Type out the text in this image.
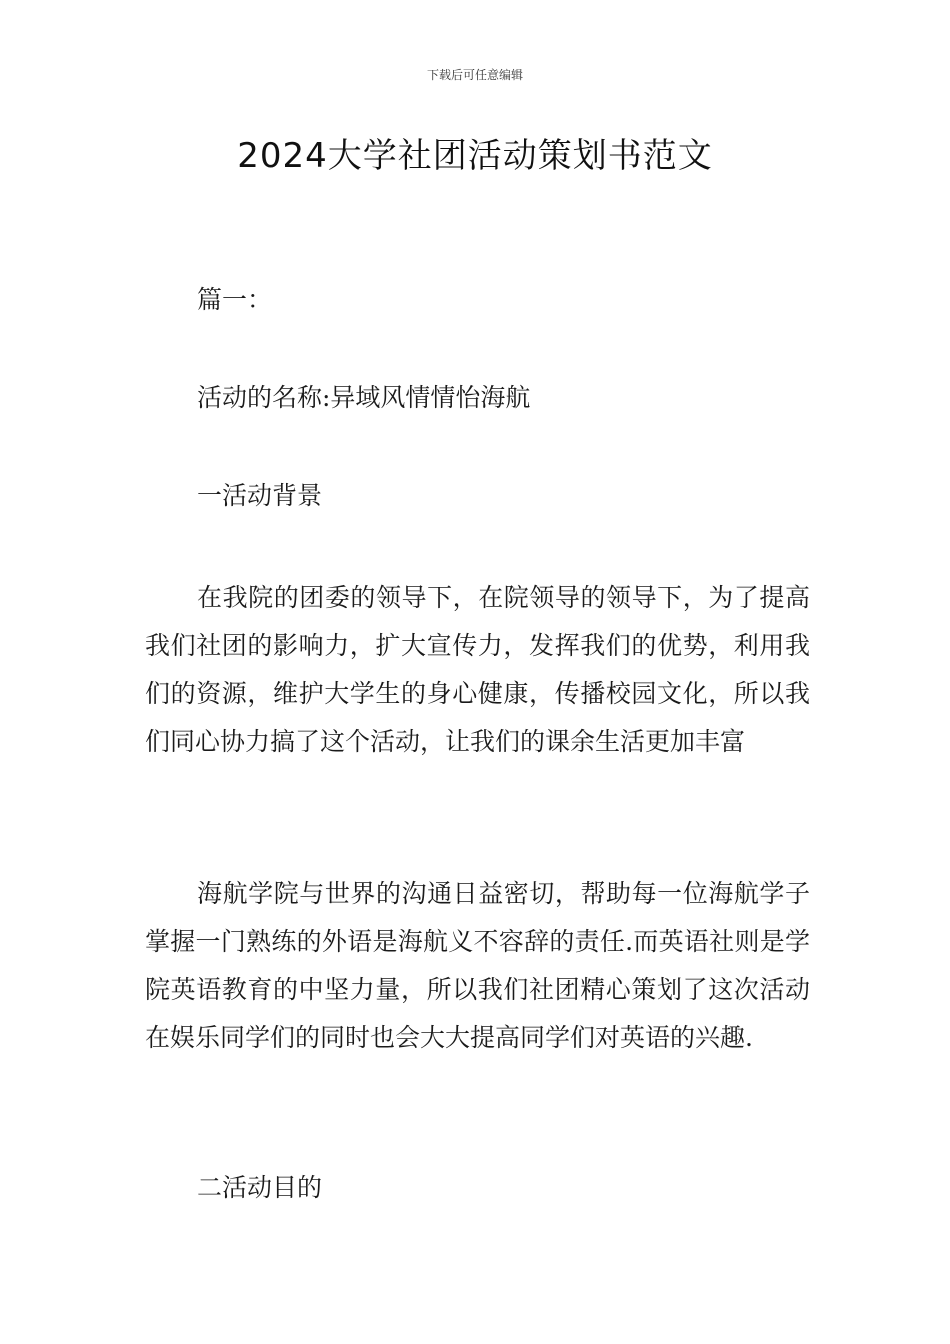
下载后可任意编辑
2024大学社团活动策划书范文
篇一：
活动的名称:异域风情情怡海航
一活动背景
在我院的团委的领导下，在院领导的领导下，为了提高我们社团的影响力，扩大宣传力，发挥我们的优势，利用我们的资源，维护大学生的身心健康，传播校园文化，所以我们同心协力搞了这个活动，让我们的课余生活更加丰富
海航学院与世界的沟通日益密切，帮助每一位海航学子掌握一门熟练的外语是海航义不容辞的责任.而英语社则是学院英语教育的中坚力量，所以我们社团精心策划了这次活动在娱乐同学们的同时也会大大提高同学们对英语的兴趣.
二活动目的
